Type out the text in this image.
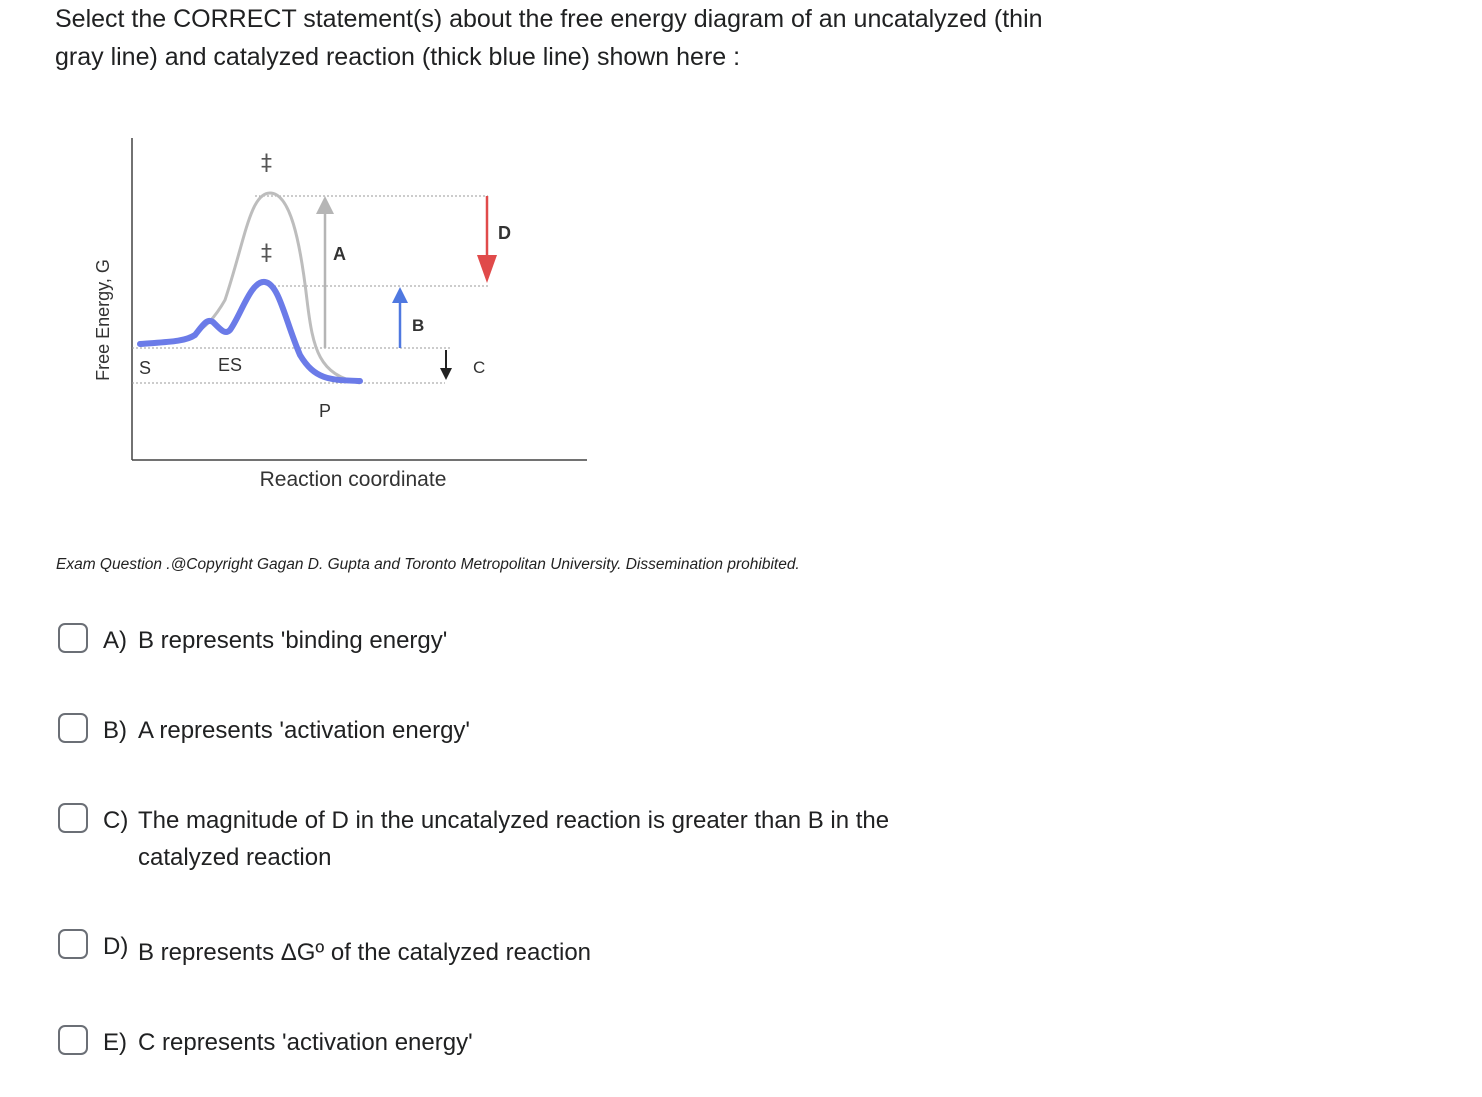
Select the CORRECT statement(s) about the free energy diagram of an uncatalyzed (thin gray line) and catalyzed reaction (thick blue line) shown here :
‡
‡	A
B
C
D
S	ES
P
Free Energy, G
Reaction coordinate
Exam Question .@Copyright Gagan D. Gupta and Toronto Metropolitan University. Dissemination prohibited.
A) B represents 'binding energy'
B) A represents 'activation energy'
C) The magnitude of D in the uncatalyzed reaction is greater than B in the catalyzed reaction
D) B represents ΔGº of the catalyzed reaction
E) C represents 'activation energy'
